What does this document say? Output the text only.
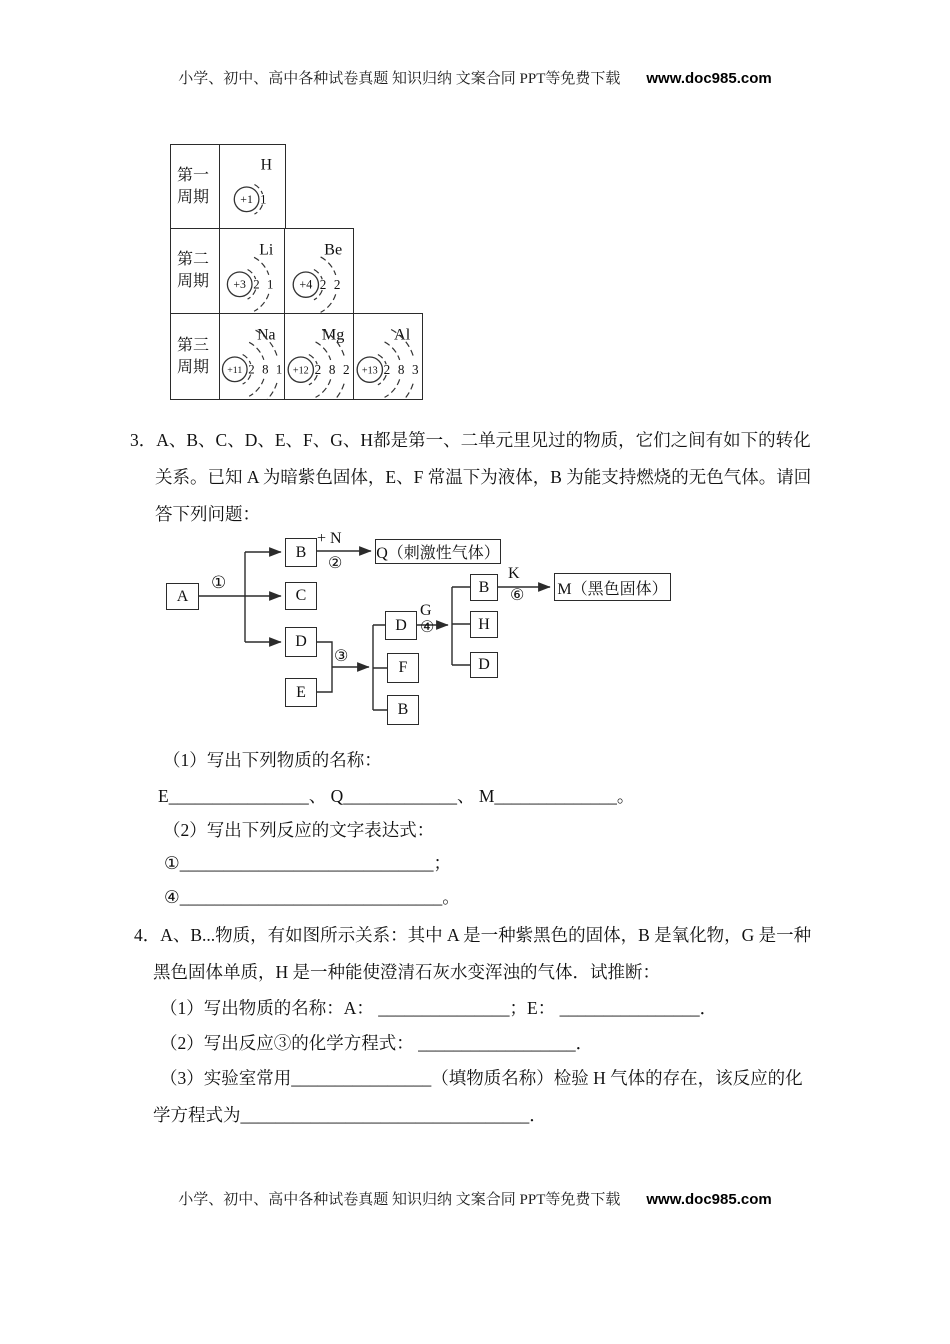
小学、初中、高中各种试卷真题 知识归纳 文案合同 PPT等免费下载 www.doc985.com
第一周期
H
+1 1
第二周期
Li
+3 2 1
Be
+4 2 2
第三周期
Na
+11 2 8 1
Mg
+12 2 8 2
Al
+13 2 8 3
3．A、B、C、D、E、F、G、H都是第一、二单元里见过的物质，它们之间有如下的转化
关系。已知 A 为暗紫色固体，E、F 常温下为液体，B 为能支持燃烧的无色气体。请回
答下列问题：
A
B
C
D
E
D
F
B
B
H
D
Q（刺激性气体）
M（黑色固体）
①
+ N
②
③
G
④
K
⑥
（1）写出下列物质的名称：
E________________、 Q_____________、 M______________。
（2）写出下列反应的文字表达式：
①_____________________________；
④______________________________。
4．A、B...物质，有如图所示关系：其中 A 是一种紫黑色的固体，B 是氧化物，G 是一种
黑色固体单质，H 是一种能使澄清石灰水变浑浊的气体．试推断：
（1）写出物质的名称：A： _______________；E： ________________．
（2）写出反应③的化学方程式： __________________．
（3）实验室常用________________（填物质名称）检验 H 气体的存在，该反应的化
学方程式为_________________________________．
小学、初中、高中各种试卷真题 知识归纳 文案合同 PPT等免费下载 www.doc985.com
